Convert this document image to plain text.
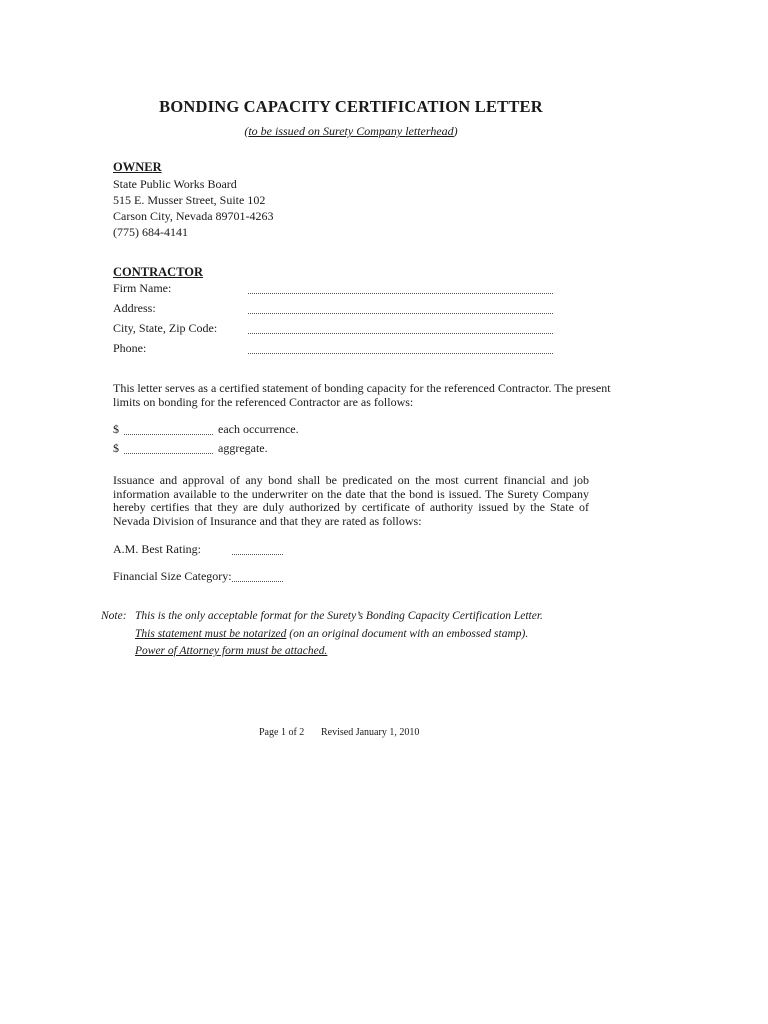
BONDING CAPACITY CERTIFICATION LETTER
(to be issued on Surety Company letterhead)
OWNER
State Public Works Board
515 E. Musser Street, Suite 102
Carson City, Nevada 89701-4263
(775) 684-4141
CONTRACTOR
Firm Name:
Address:
City, State, Zip Code:
Phone:
This letter serves as a certified statement of bonding capacity for the referenced Contractor. The present
limits on bonding for the referenced Contractor are as follows:
$	each occurrence.
$	aggregate.
Issuance and approval of any bond shall be predicated on the most current financial and job information available to the underwriter on the date that the bond is issued. The Surety Company hereby certifies that they are duly authorized by certificate of authority issued by the State of Nevada Division of Insurance and that they are rated as follows:
A.M. Best Rating:
Financial Size Category:
Note: This is the only acceptable format for the Surety’s Bonding Capacity Certification Letter.
This statement must be notarized (on an original document with an embossed stamp).
Power of Attorney form must be attached.
Page 1 of 2 Revised January 1, 2010
